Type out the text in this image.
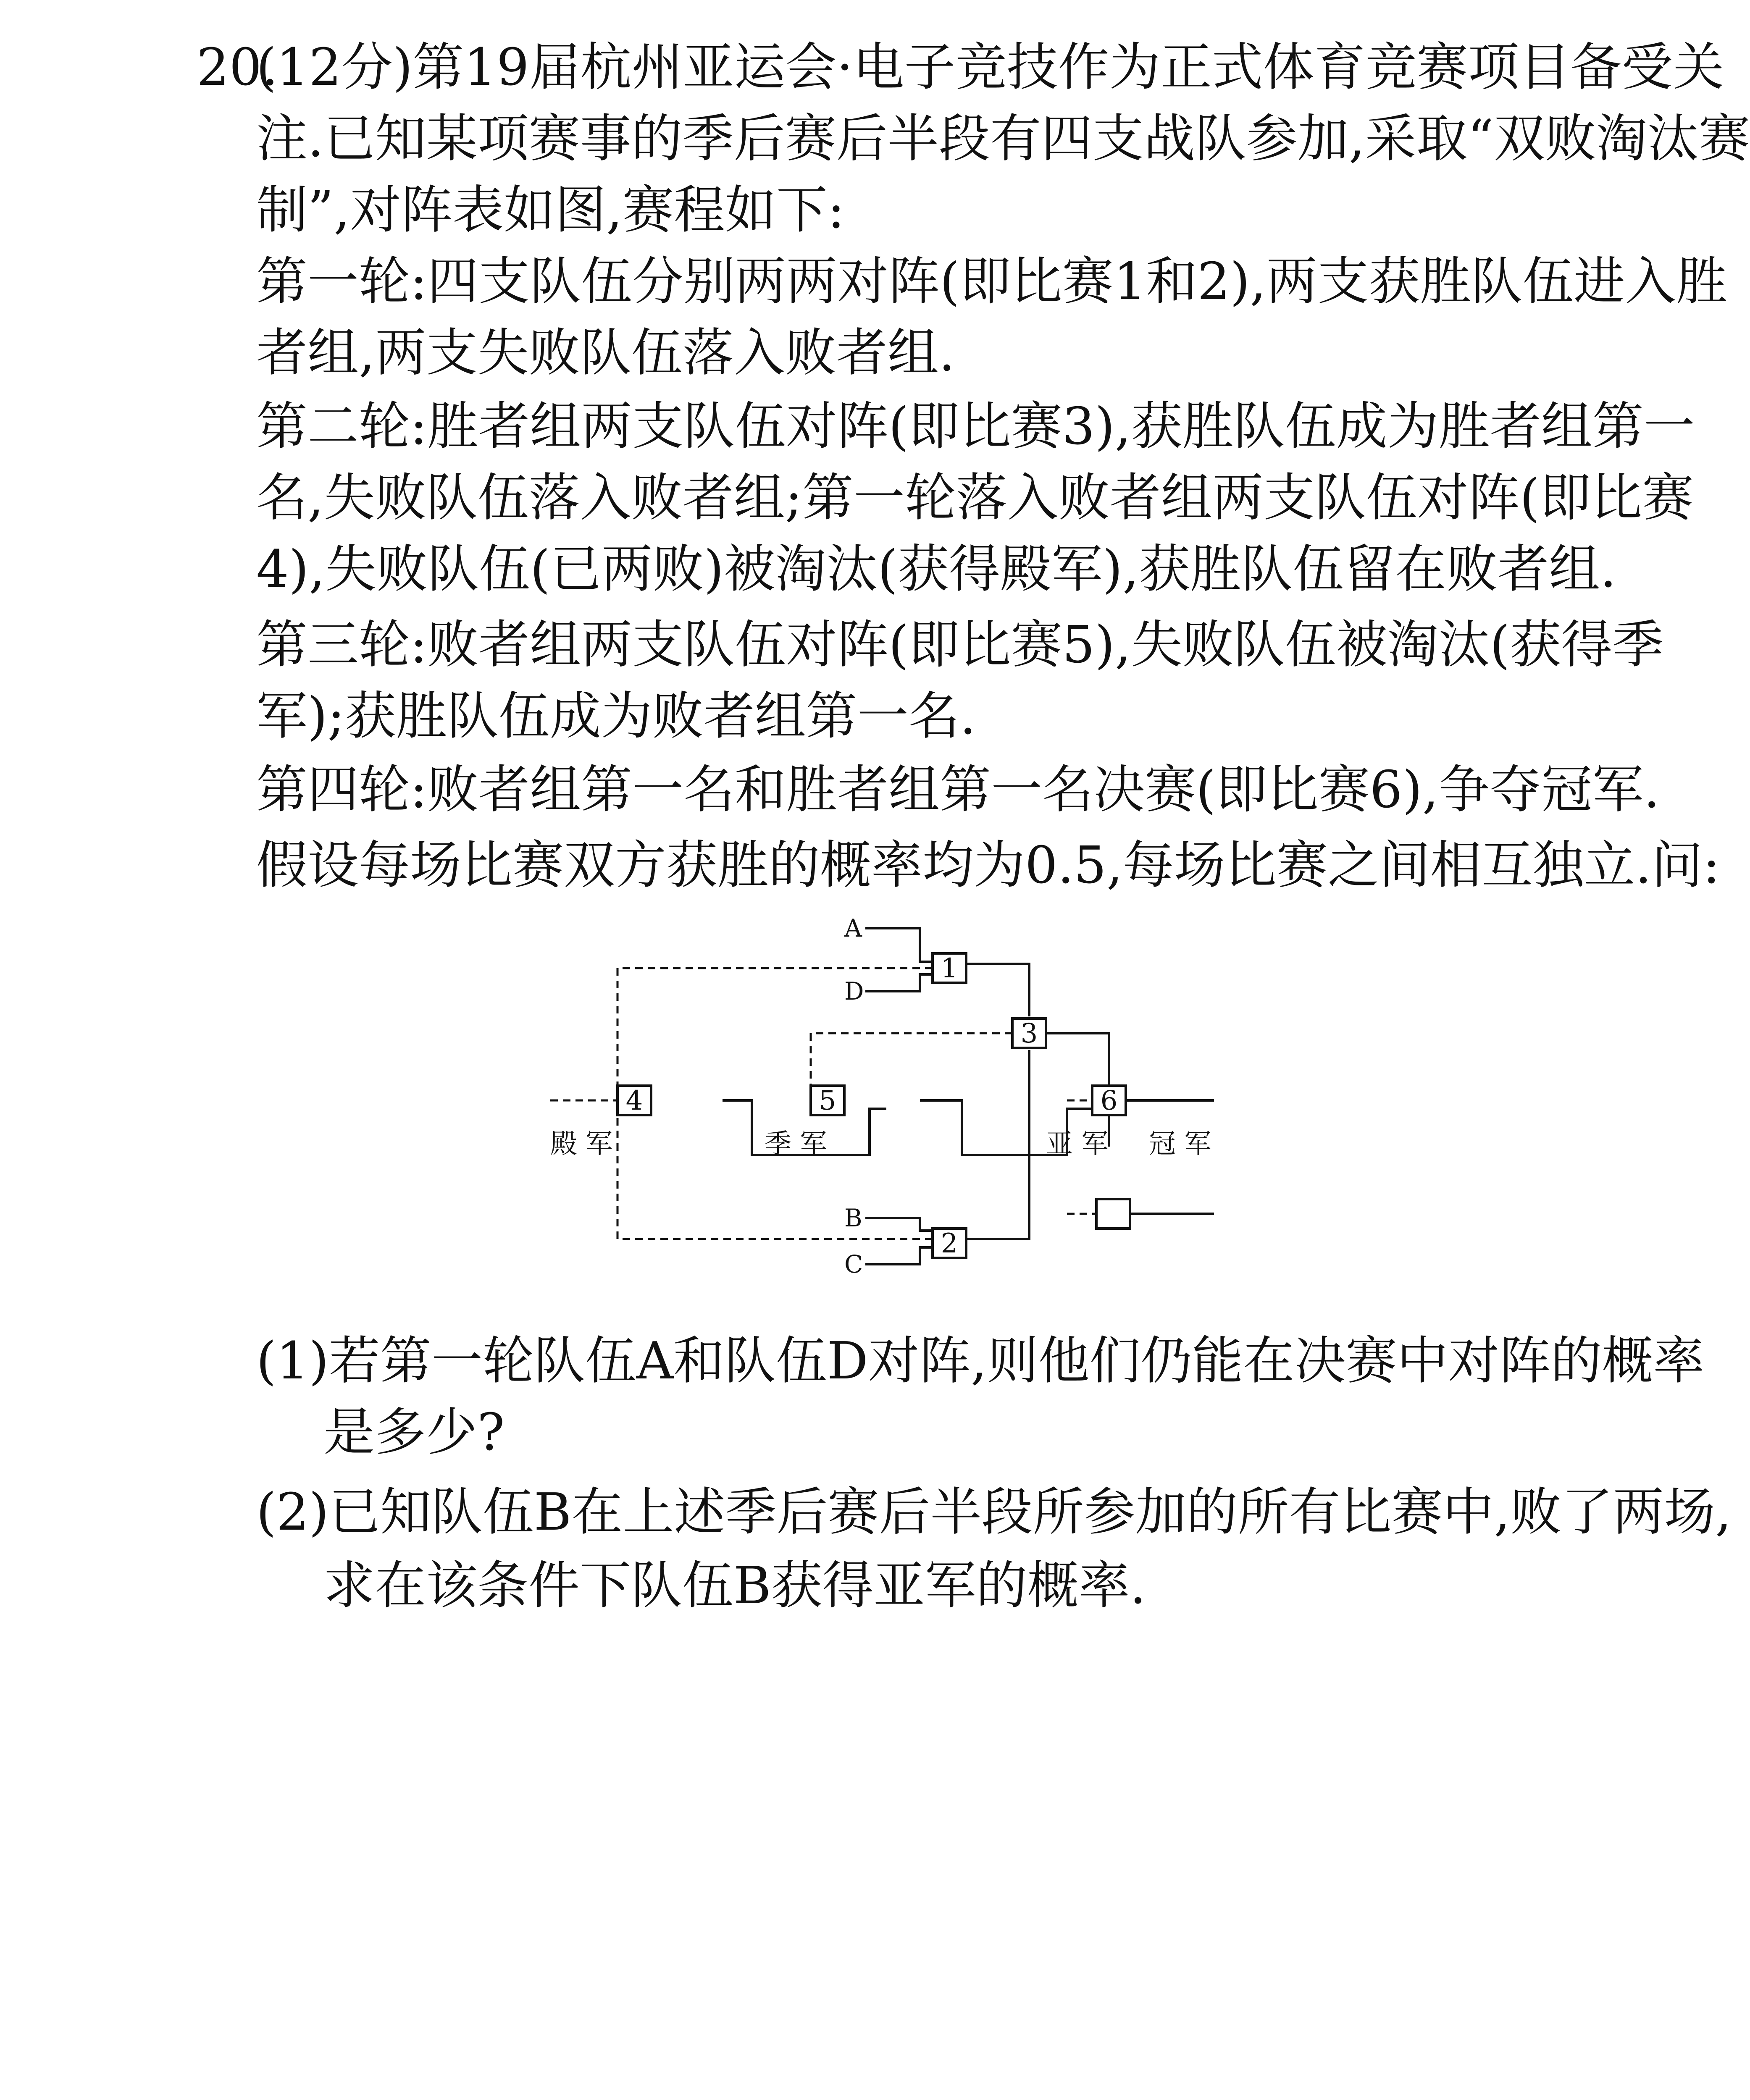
20.
(12分)第19届杭州亚运会·电子竞技作为正式体育竞赛项目备受关
注.已知某项赛事的季后赛后半段有四支战队参加,采取“双败淘汰赛
制”,对阵表如图,赛程如下:
第一轮:四支队伍分别两两对阵(即比赛1和2),两支获胜队伍进入胜
者组,两支失败队伍落入败者组.
第二轮:胜者组两支队伍对阵(即比赛3),获胜队伍成为胜者组第一
名,失败队伍落入败者组;第一轮落入败者组两支队伍对阵(即比赛
4),失败队伍(已两败)被淘汰(获得殿军),获胜队伍留在败者组.
第三轮:败者组两支队伍对阵(即比赛5),失败队伍被淘汰(获得季
军);获胜队伍成为败者组第一名.
第四轮:败者组第一名和胜者组第一名决赛(即比赛6),争夺冠军.
假设每场比赛双方获胜的概率均为0.5,每场比赛之间相互独立.问:
1
2
3
4	5	6
A
D
B
C
殿 军	季 军	亚 军 冠 军
(1)若第一轮队伍A和队伍D对阵,则他们仍能在决赛中对阵的概率
是多少?
(2)已知队伍B在上述季后赛后半段所参加的所有比赛中,败了两场,
求在该条件下队伍B获得亚军的概率.
